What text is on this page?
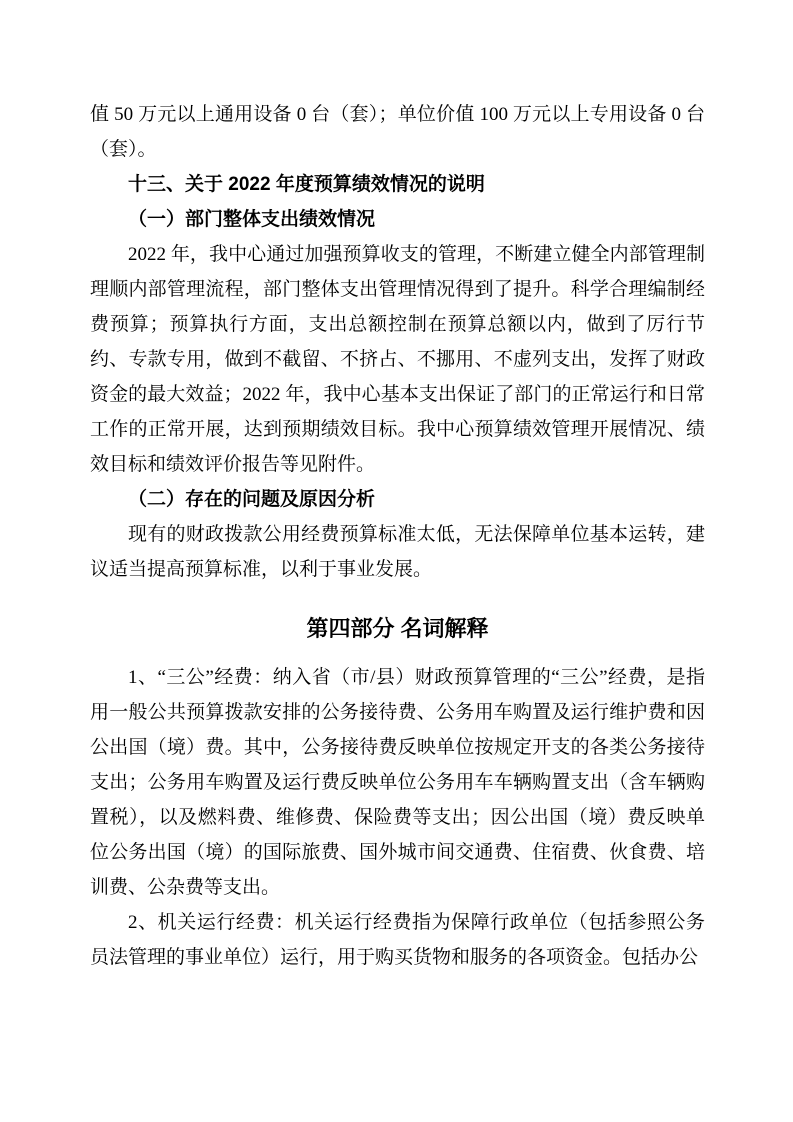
值 50 万元以上通用设备 0 台（套）；单位价值 100 万元以上专用设备 0 台（套）。

十三、关于 2022 年度预算绩效情况的说明

（一）部门整体支出绩效情况

2022 年，我中心通过加强预算收支的管理，不断建立健全内部管理制理顺内部管理流程，部门整体支出管理情况得到了提升。科学合理编制经费预算；预算执行方面，支出总额控制在预算总额以内，做到了厉行节约、专款专用，做到不截留、不挤占、不挪用、不虚列支出，发挥了财政资金的最大效益；2022 年，我中心基本支出保证了部门的正常运行和日常工作的正常开展，达到预期绩效目标。我中心预算绩效管理开展情况、绩效目标和绩效评价报告等见附件。

（二）存在的问题及原因分析

现有的财政拨款公用经费预算标准太低，无法保障单位基本运转，建议适当提高预算标准，以利于事业发展。

第四部分 名词解释

1、“三公”经费：纳入省（市/县）财政预算管理的“三公”经费，是指用一般公共预算拨款安排的公务接待费、公务用车购置及运行维护费和因公出国（境）费。其中，公务接待费反映单位按规定开支的各类公务接待支出；公务用车购置及运行费反映单位公务用车车辆购置支出（含车辆购置税），以及燃料费、维修费、保险费等支出；因公出国（境）费反映单位公务出国（境）的国际旅费、国外城市间交通费、住宿费、伙食费、培训费、公杂费等支出。

2、机关运行经费：机关运行经费指为保障行政单位（包括参照公务员法管理的事业单位）运行，用于购买货物和服务的各项资金。包括办公
